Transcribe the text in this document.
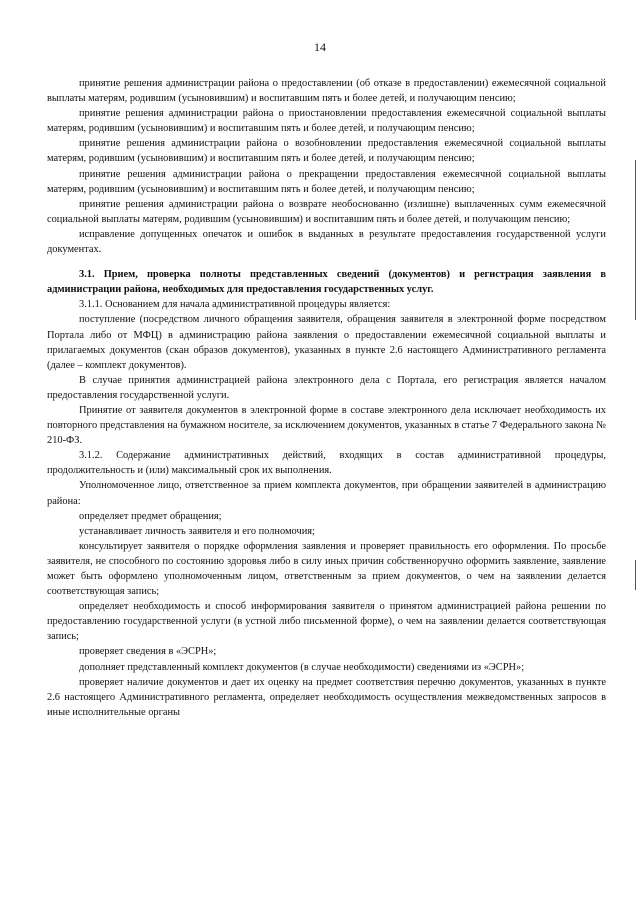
14

принятие решения администрации района о предоставлении (об отказе в предоставлении) ежемесячной социальной выплаты матерям, родившим (усыновившим) и воспитавшим пять и более детей, и получающим пенсию;

принятие решения администрации района о приостановлении предоставления ежемесячной социальной выплаты матерям, родившим (усыновившим) и воспитавшим пять и более детей, и получающим пенсию;

принятие решения администрации района о возобновлении предоставления ежемесячной социальной выплаты матерям, родившим (усыновившим) и воспитавшим пять и более детей, и получающим пенсию;

принятие решения администрации района о прекращении предоставления ежемесячной социальной выплаты матерям, родившим (усыновившим) и воспитавшим пять и более детей, и получающим пенсию;

принятие решения администрации района о возврате необоснованно (излишне) выплаченных сумм ежемесячной социальной выплаты матерям, родившим (усыновившим) и воспитавшим пять и более детей, и получающим пенсию;

исправление допущенных опечаток и ошибок в выданных в результате предоставления государственной услуги документах.

3.1. Прием, проверка полноты представленных сведений (документов) и регистрация заявления в администрации района, необходимых для предоставления государственных услуг.

3.1.1. Основанием для начала административной процедуры является:

поступление (посредством личного обращения заявителя, обращения заявителя в электронной форме посредством Портала либо от МФЦ) в администрацию района заявления о предоставлении ежемесячной социальной выплаты и прилагаемых документов (скан образов документов), указанных в пункте 2.6 настоящего Административного регламента (далее – комплект документов).

В случае принятия администрацией района электронного дела с Портала, его регистрация является началом предоставления государственной услуги.

Принятие от заявителя документов в электронной форме в составе электронного дела исключает необходимость их повторного представления на бумажном носителе, за исключением документов, указанных в статье 7 Федерального закона № 210-ФЗ.

3.1.2. Содержание административных действий, входящих в состав административной процедуры, продолжительность и (или) максимальный срок их выполнения.

Уполномоченное лицо, ответственное за прием комплекта документов, при обращении заявителей в администрацию района:

определяет предмет обращения;

устанавливает личность заявителя и его полномочия;

консультирует заявителя о порядке оформления заявления и проверяет правильность его оформления. По просьбе заявителя, не способного по состоянию здоровья либо в силу иных причин собственноручно оформить заявление, заявление может быть оформлено уполномоченным лицом, ответственным за прием документов, о чем на заявлении делается соответствующая запись;

определяет необходимость и способ информирования заявителя о принятом администрацией района решении по предоставлению государственной услуги (в устной либо письменной форме), о чем на заявлении делается соответствующая запись;

проверяет сведения в «ЭСРН»;

дополняет представленный комплект документов (в случае необходимости) сведениями из «ЭСРН»;

проверяет наличие документов и дает их оценку на предмет соответствия перечню документов, указанных в пункте 2.6 настоящего Административного регламента, определяет необходимость осуществления межведомственных запросов в иные исполнительные органы
